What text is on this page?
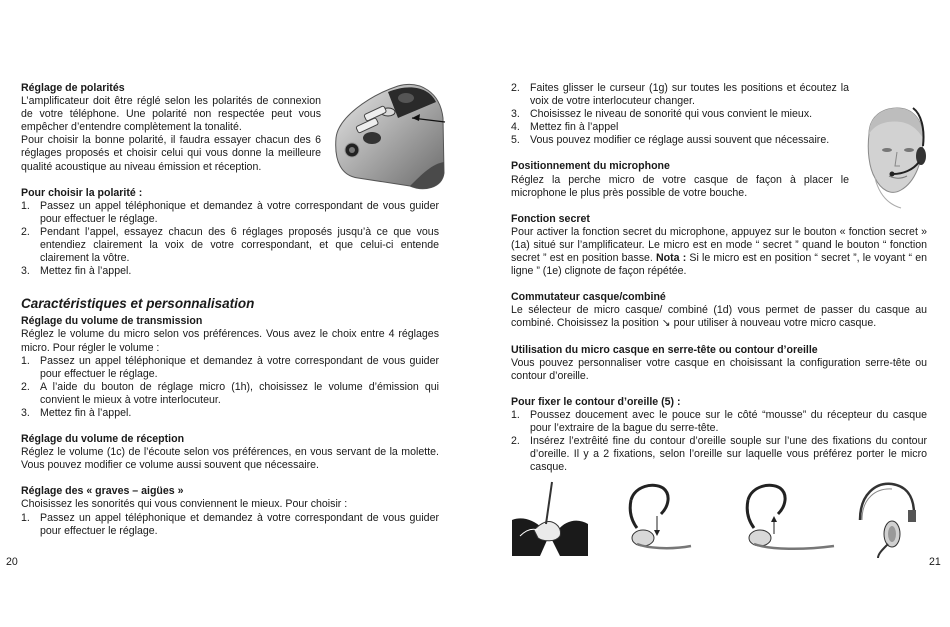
Réglage de polarités

L’amplificateur doit être réglé selon les polarités de connexion de votre téléphone. Une polarité non respectée peut vous empêcher d’entendre complètement la tonalité.

Pour choisir la bonne polarité, il faudra essayer chacun des 6 réglages proposés et choisir celui qui vous donne la meilleure qualité acoustique au niveau émission et réception.

Pour choisir la polarité :

1. Passez un appel téléphonique et demandez à votre correspondant de vous guider pour effectuer le réglage.
2. Pendant l’appel, essayez chacun des 6 réglages proposés jusqu’à ce que vous entendiez clairement la voix de votre correspondant, et que celui-ci entende clairement la vôtre.
3. Mettez fin à l’appel.

Caractéristiques et personnalisation

Réglage du volume de transmission

Réglez le volume du micro selon vos préférences. Vous avez le choix entre 4 réglages micro. Pour régler le volume :

1. Passez un appel téléphonique et demandez à votre correspondant de vous guider pour effectuer le réglage.
2. A l’aide du bouton de réglage micro (1h), choisissez le volume d’émission qui convient le mieux à votre interlocuteur.
3. Mettez fin à l’appel.

Réglage du volume de réception

Réglez le volume (1c) de l’écoute selon vos préférences, en vous servant de la molette. Vous pouvez modifier ce volume aussi souvent que nécessaire.

Réglage des « graves – aigües »

Choisissez les sonorités qui vous conviennent le mieux. Pour choisir :

1. Passez un appel téléphonique et demandez à votre correspondant de vous guider pour effectuer le réglage.
20
2. Faites glisser le curseur (1g) sur toutes les positions et écoutez la voix de votre interlocuteur changer.
3. Choisissez le niveau de sonorité qui vous convient le mieux.
4. Mettez fin à l’appel
5. Vous pouvez modifier ce réglage aussi souvent que nécessaire.

Positionnement du microphone

Réglez la perche micro de votre casque de façon à placer le microphone le plus près possible de votre bouche.

Fonction secret

Pour activer la fonction secret du microphone, appuyez sur le bouton « fonction secret » (1a) situé sur l’amplificateur. Le micro est en mode “ secret ” quand le bouton “ fonction secret ” est en position basse. Nota : Si le micro est en position “ secret ”, le voyant “ en ligne ” (1e) clignote de façon répétée.

Commutateur casque/combiné

Le sélecteur de micro casque/ combiné (1d) vous permet de passer du casque au combiné. Choisissez la position ↘ pour utiliser à nouveau votre micro casque.

Utilisation du micro casque en serre-tête ou contour d’oreille

Vous pouvez personnaliser votre casque en choisissant la configuration serre-tête ou contour d’oreille.

Pour fixer le contour d’oreille (5) :

1. Poussez doucement avec le pouce sur le côté “mousse” du récepteur du casque pour l’extraire de la bague du serre-tête.
2. Insérez l’extrêité fine du contour d’oreille souple sur l’une des fixations du contour d’oreille. Il y a 2 fixations, selon l’oreille sur laquelle vous préférez porter le micro casque.
21
